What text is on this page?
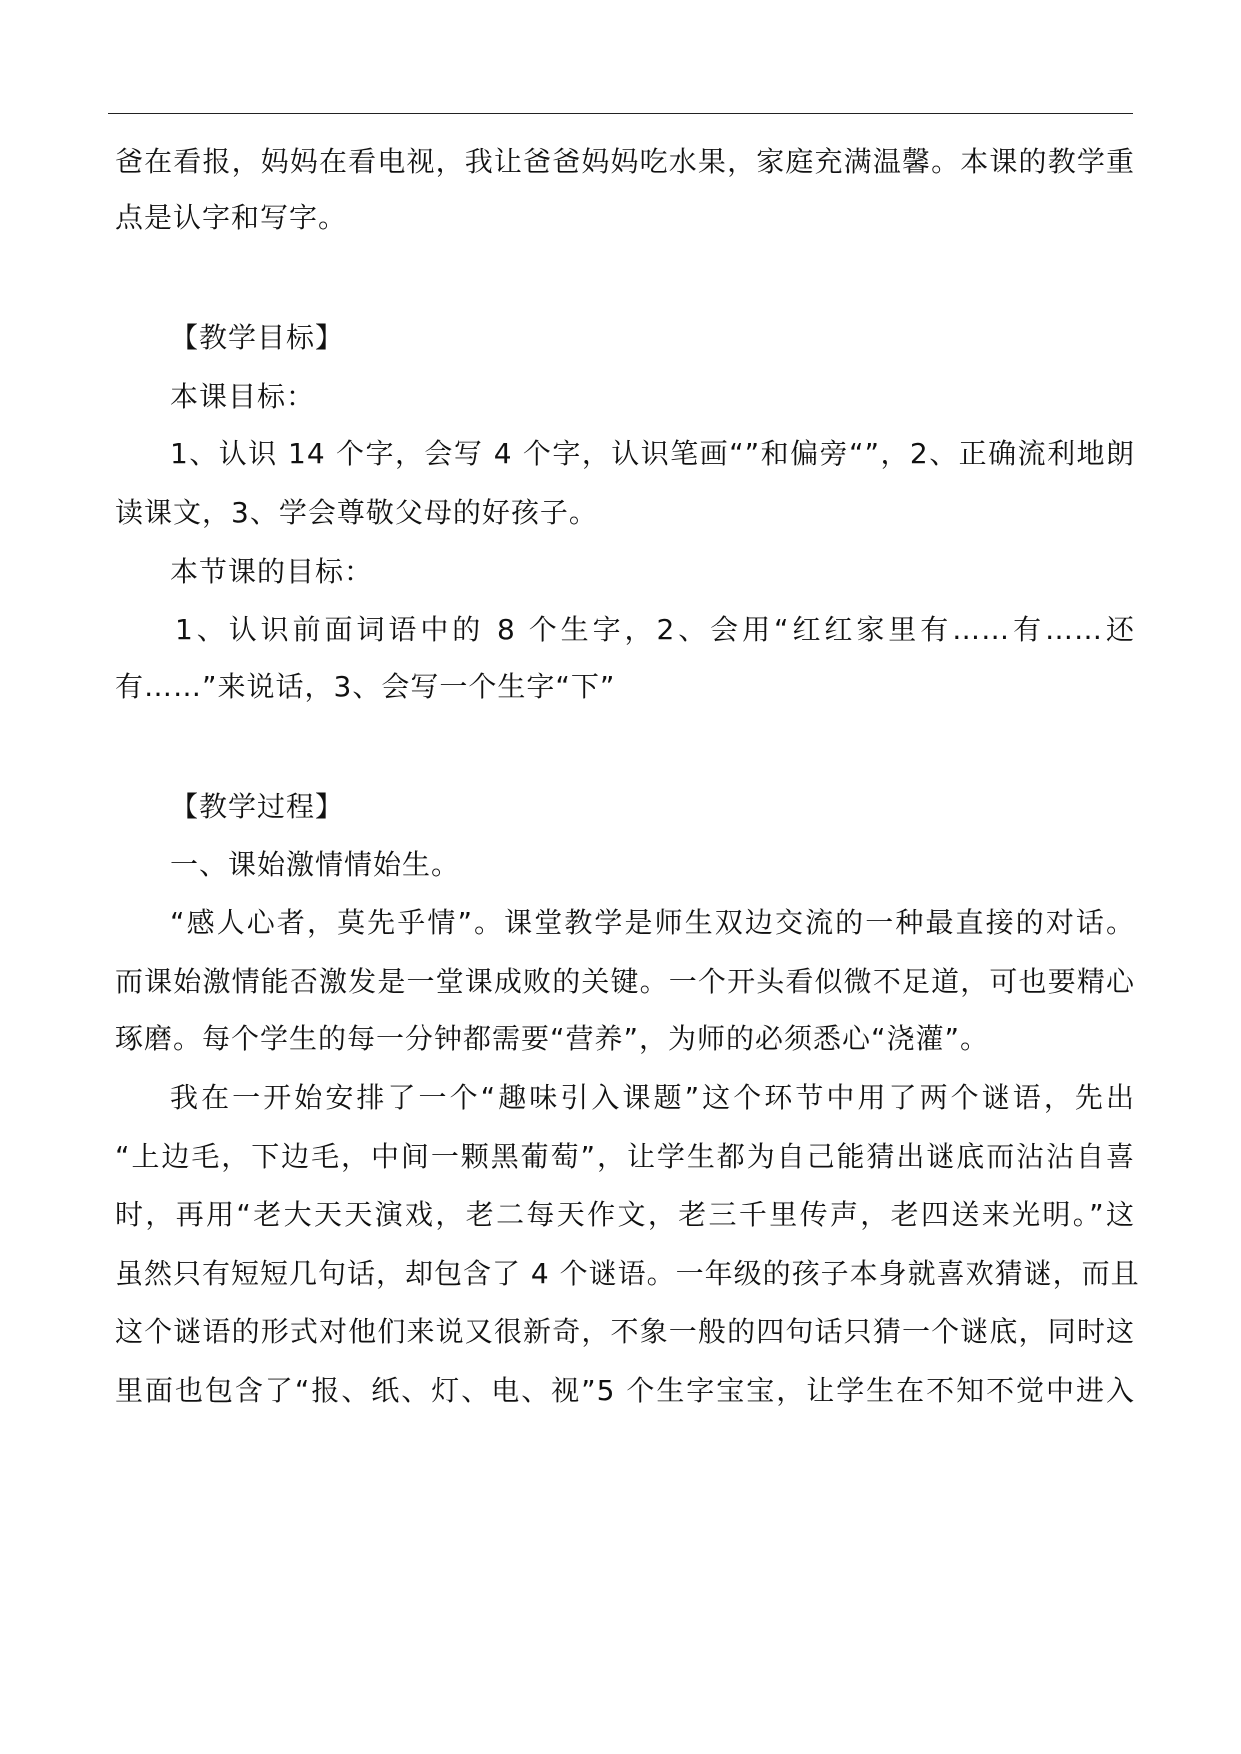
爸在看报，妈妈在看电视，我让爸爸妈妈吃水果，家庭充满温馨。本课的教学重
点是认字和写字。
【教学目标】
本课目标：
1、认识 14 个字，会写 4 个字，认识笔画“”和偏旁“”，2、正确流利地朗
读课文，3、学会尊敬父母的好孩子。
本节课的目标：
1、认识前面词语中的 8 个生字，2、会用“红红家里有……有……还
有……”来说话，3、会写一个生字“下”
【教学过程】
一、课始激情情始生。
“感人心者，莫先乎情”。课堂教学是师生双边交流的一种最直接的对话。
而课始激情能否激发是一堂课成败的关键。一个开头看似微不足道，可也要精心
琢磨。每个学生的每一分钟都需要“营养”，为师的必须悉心“浇灌”。
我在一开始安排了一个“趣味引入课题”这个环节中用了两个谜语，先出
“上边毛，下边毛，中间一颗黑葡萄”，让学生都为自己能猜出谜底而沾沾自喜
时，再用“老大天天演戏，老二每天作文，老三千里传声，老四送来光明。”这
虽然只有短短几句话，却包含了 4 个谜语。一年级的孩子本身就喜欢猜谜，而且
这个谜语的形式对他们来说又很新奇，不象一般的四句话只猜一个谜底，同时这
里面也包含了“报、纸、灯、电、视”5 个生字宝宝，让学生在不知不觉中进入
